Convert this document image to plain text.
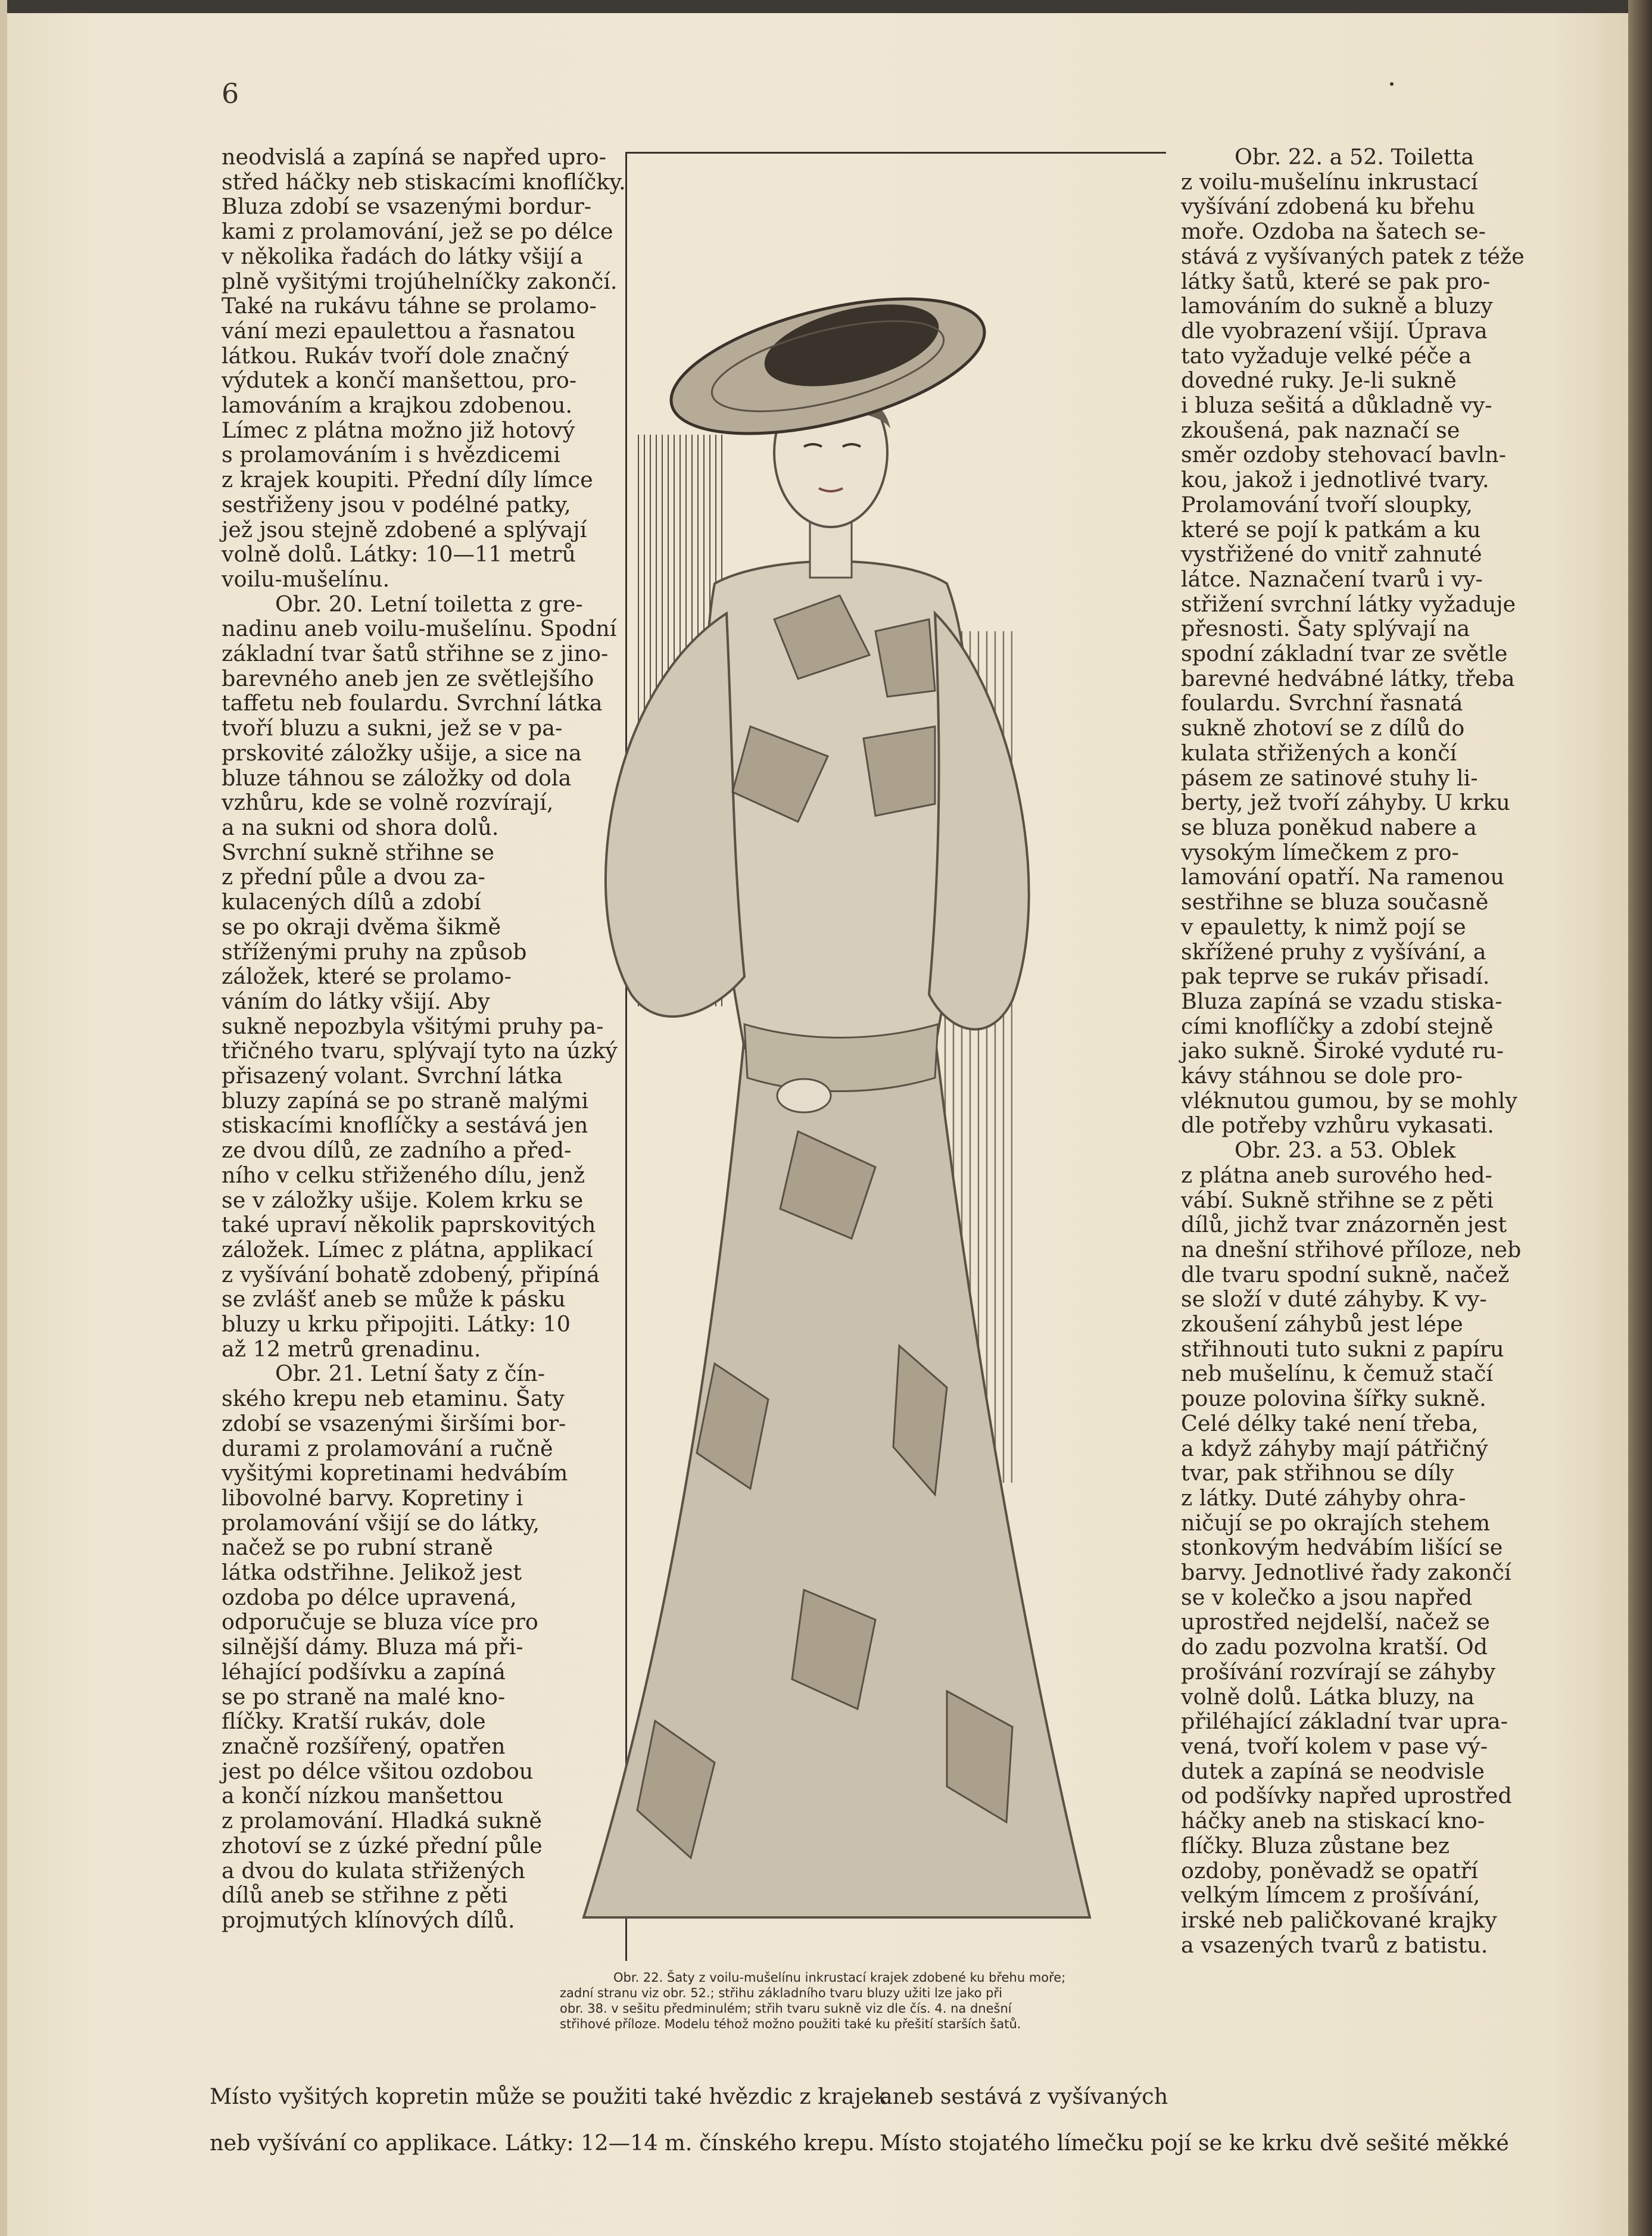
6

neodvislá a zapíná se napřed upro-

střed háčky neb stiskacími knoflíčky.

Bluza zdobí se vsazenými bordur-

kami z prolamování, jež se po délce

v několika řadách do látky všijí a

plně vyšitými trojúhelníčky zakončí.

Také na rukávu táhne se prolamo-

vání mezi epaulettou a řasnatou

látkou. Rukáv tvoří dole značný

výdutek a končí manšettou, pro-

lamováním a krajkou zdobenou.

Límec z plátna možno již hotový

s prolamováním i s hvězdicemi

z krajek koupiti. Přední díly límce

sestřiženy jsou v podélné patky,

jež jsou stejně zdobené a splývají

volně dolů. Látky: 10—11 metrů

voilu-mušelínu.

Obr. 20. Letní toiletta z gre-

nadinu aneb voilu-mušelínu. Spodní

základní tvar šatů střihne se z jino-

barevného aneb jen ze světlejšího

taffetu neb foulardu. Svrchní látka

tvoří bluzu a sukni, jež se v pa-

prskovité záložky ušije, a sice na

bluze táhnou se záložky od dola

vzhůru, kde se volně rozvírají,

a na sukni od shora dolů.

Svrchní sukně střihne se

z přední půle a dvou za-

kulacených dílů a zdobí

se po okraji dvěma šikmě

stříženými pruhy na způsob

záložek, které se prolamo-

váním do látky všijí. Aby

sukně nepozbyla všitými pruhy pa-

třičného tvaru, splývají tyto na úzký

přisazený volant. Svrchní látka

bluzy zapíná se po straně malými

stiskacími knoflíčky a sestává jen

ze dvou dílů, ze zadního a před-

ního v celku střiženého dílu, jenž

se v záložky ušije. Kolem krku se

také upraví několik paprskovitých

záložek. Límec z plátna, applikací

z vyšívání bohatě zdobený, připíná

se zvlášť aneb se může k pásku

bluzy u krku připojiti. Látky: 10

až 12 metrů grenadinu.

Obr. 21. Letní šaty z čín-

ského krepu neb etaminu. Šaty

zdobí se vsazenými širšími bor-

durami z prolamování a ručně

vyšitými kopretinami hedvábím

libovolné barvy. Kopretiny i

prolamování všijí se do látky,

načež se po rubní straně

látka odstřihne. Jelikož jest

ozdoba po délce upravená,

odporučuje se bluza více pro

silnější dámy. Bluza má při-

léhající podšívku a zapíná

se po straně na malé kno-

flíčky. Kratší rukáv, dole

značně rozšířený, opatřen

jest po délce všitou ozdobou

a končí nízkou manšettou

z prolamování. Hladká sukně

zhotoví se z úzké přední půle

a dvou do kulata střižených

dílů aneb se střihne z pěti

projmutých klínových dílů.

Obr. 22. a 52. Toiletta

z voilu-mušelínu inkrustací

vyšívání zdobená ku břehu

moře. Ozdoba na šatech se-

stává z vyšívaných patek z téže

látky šatů, které se pak pro-

lamováním do sukně a bluzy

dle vyobrazení všijí. Úprava

tato vyžaduje velké péče a

dovedné ruky. Je-li sukně

i bluza sešitá a důkladně vy-

zkoušená, pak naznačí se

směr ozdoby stehovací bavln-

kou, jakož i jednotlivé tvary.

Prolamování tvoří sloupky,

které se pojí k patkám a ku

vystřižené do vnitř zahnuté

látce. Naznačení tvarů i vy-

střižení svrchní látky vyžaduje

přesnosti. Šaty splývají na

spodní základní tvar ze světle

barevné hedvábné látky, třeba

foulardu. Svrchní řasnatá

sukně zhotoví se z dílů do

kulata střižených a končí

pásem ze satinové stuhy li-

berty, jež tvoří záhyby. U krku

se bluza poněkud nabere a

vysokým límečkem z pro-

lamování opatří. Na ramenou

sestřihne se bluza současně

v epauletty, k nimž pojí se

skřížené pruhy z vyšívání, a

pak teprve se rukáv přisadí.

Bluza zapíná se vzadu stiska-

cími knoflíčky a zdobí stejně

jako sukně. Široké vyduté ru-

kávy stáhnou se dole pro-

vléknutou gumou, by se mohly

dle potřeby vzhůru vykasati.

Obr. 23. a 53. Oblek

z plátna aneb surového hed-

vábí. Sukně střihne se z pěti

dílů, jichž tvar znázorněn jest

na dnešní střihové příloze, neb

dle tvaru spodní sukně, načež

se složí v duté záhyby. K vy-

zkoušení záhybů jest lépe

střihnouti tuto sukni z papíru

neb mušelínu, k čemuž stačí

pouze polovina šířky sukně.

Celé délky také není třeba,

a když záhyby mají pátřičný

tvar, pak střihnou se díly

z látky. Duté záhyby ohra-

ničují se po okrajích stehem

stonkovým hedvábím lišící se

barvy. Jednotlivé řady zakončí

se v kolečko a jsou napřed

uprostřed nejdelší, načež se

do zadu pozvolna kratší. Od

prošívání rozvírají se záhyby

volně dolů. Látka bluzy, na

přiléhající základní tvar upra-

vená, tvoří kolem v pase vý-

dutek a zapíná se neodvisle

od podšívky napřed uprostřed

háčky aneb na stiskací kno-

flíčky. Bluza zůstane bez

ozdoby, poněvadž se opatří

velkým límcem z prošívání,

irské neb paličkované krajky

a vsazených tvarů z batistu.

Obr. 22. Šaty z voilu-mušelínu inkrustací krajek zdobené ku břehu moře;

zadní stranu viz obr. 52.; střihu základního tvaru bluzy užiti lze jako při

obr. 38. v sešitu předminulém; střih tvaru sukně viz dle čís. 4. na dnešní

střihové příloze. Modelu téhož možno použiti také ku přešití starších šatů.

Místo vyšitých kopretin může se použiti také hvězdic z krajek

neb vyšívání co applikace. Látky: 12—14 m. čínského krepu.

aneb sestává z vyšívaných

Místo stojatého límečku pojí se ke krku dvě sešité měkké
